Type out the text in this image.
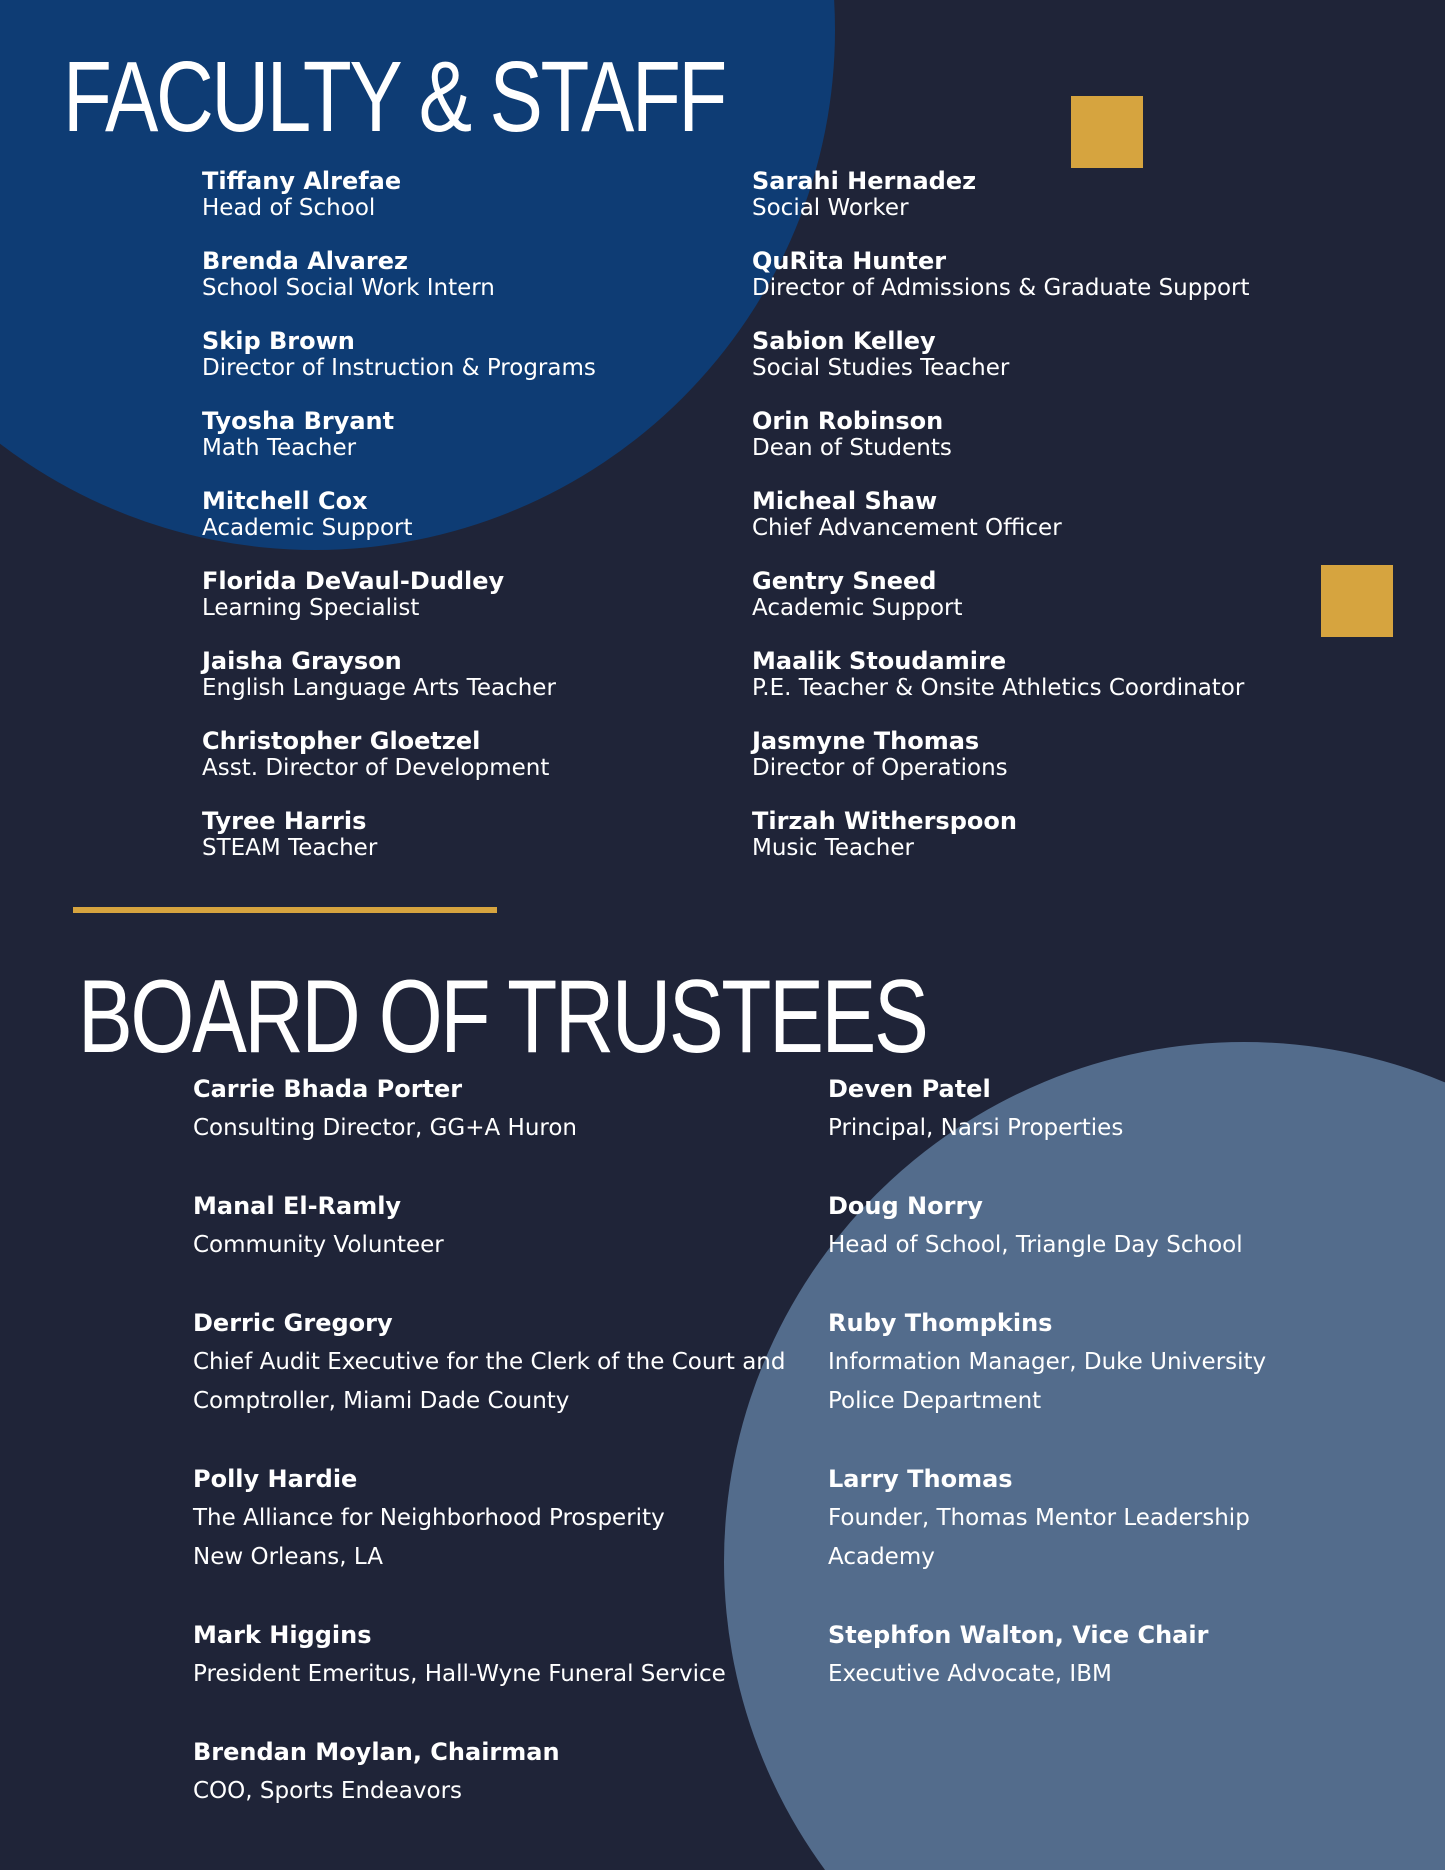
FACULTY & STAFF
Tiffany Alrefae
Head of School
Brenda Alvarez
School Social Work Intern
Skip Brown
Director of Instruction & Programs
Tyosha Bryant
Math Teacher
Mitchell Cox
Academic Support
Florida DeVaul-Dudley
Learning Specialist
Jaisha Grayson
English Language Arts Teacher
Christopher Gloetzel
Asst. Director of Development
Tyree Harris
STEAM Teacher
Sarahi Hernadez
Social Worker
QuRita Hunter
Director of Admissions & Graduate Support
Sabion Kelley
Social Studies Teacher
Orin Robinson
Dean of Students
Micheal Shaw
Chief Advancement Officer
Gentry Sneed
Academic Support
Maalik Stoudamire
P.E. Teacher & Onsite Athletics Coordinator
Jasmyne Thomas
Director of Operations
Tirzah Witherspoon
Music Teacher
BOARD OF TRUSTEES
Carrie Bhada Porter
Consulting Director, GG+A Huron
Manal El-Ramly
Community Volunteer
Derric Gregory
Chief Audit Executive for the Clerk of the Court and Comptroller, Miami Dade County
Polly Hardie
The Alliance for Neighborhood Prosperity New Orleans, LA
Mark Higgins
President Emeritus, Hall-Wyne Funeral Service
Brendan Moylan, Chairman
COO, Sports Endeavors
Deven Patel
Principal, Narsi Properties
Doug Norry
Head of School, Triangle Day School
Ruby Thompkins
Information Manager, Duke University Police Department
Larry Thomas
Founder, Thomas Mentor Leadership Academy
Stephfon Walton, Vice Chair
Executive Advocate, IBM
